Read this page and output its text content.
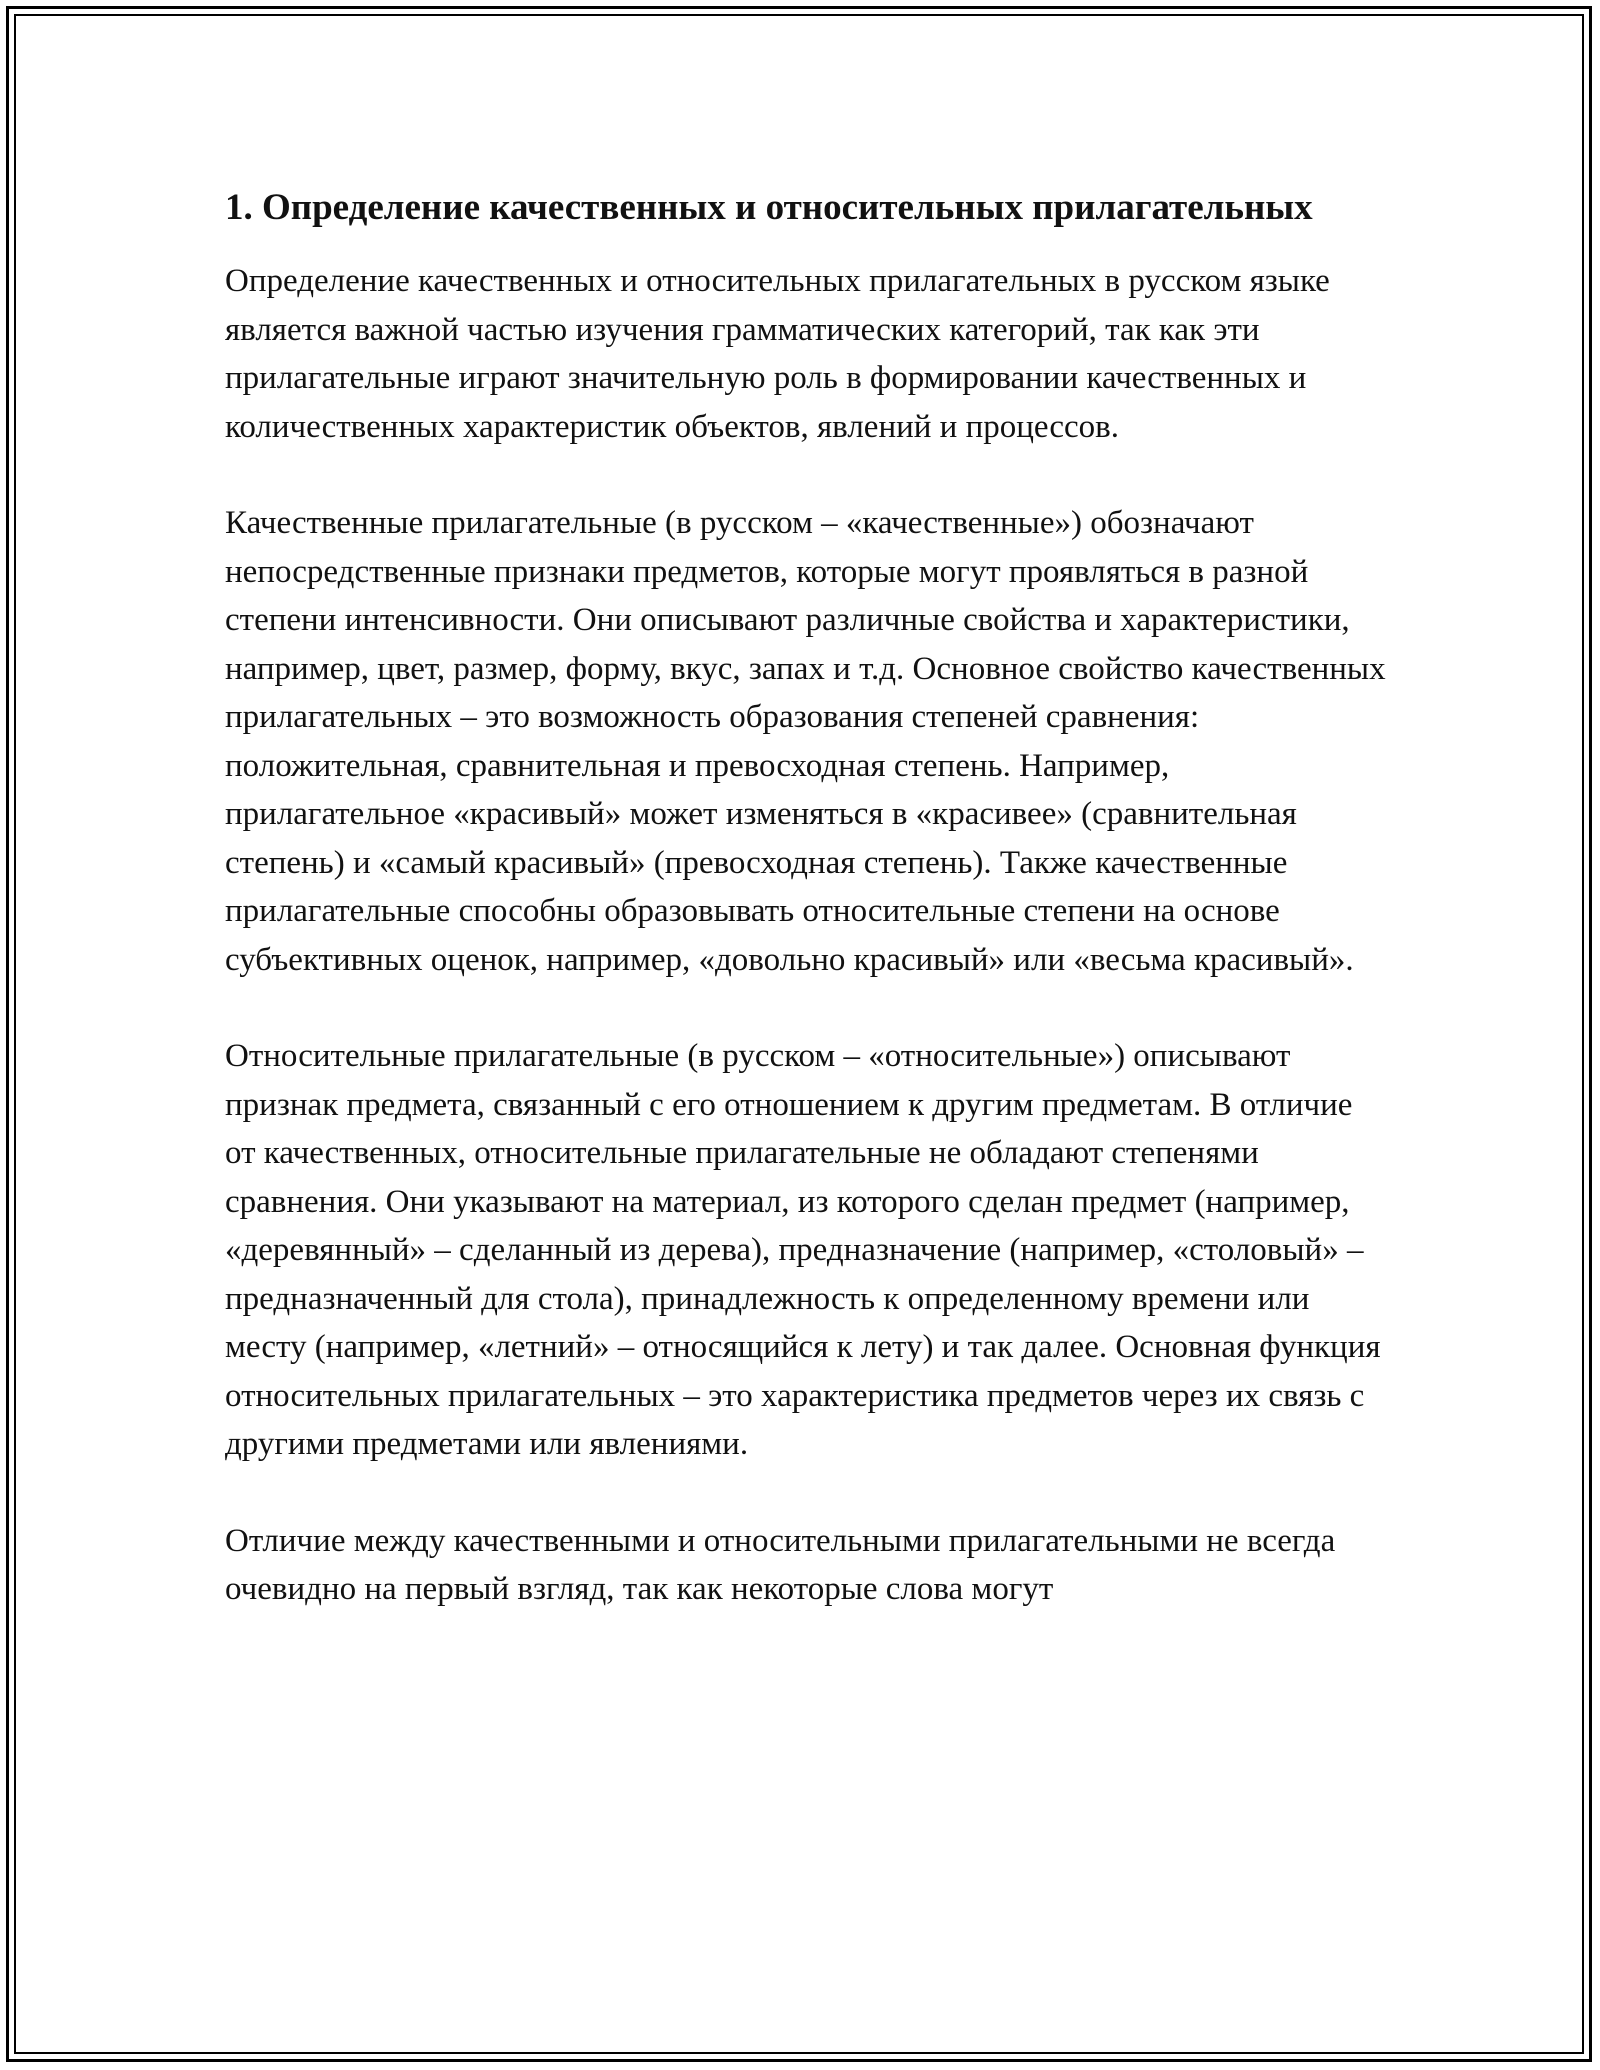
1. Определение качественных и относительных прилагательных

Определение качественных и относительных прилагательных в русском языке является важной частью изучения грамматических категорий, так как эти прилагательные играют значительную роль в формировании качественных и количественных характеристик объектов, явлений и процессов.

Качественные прилагательные (в русском – «качественные») обозначают непосредственные признаки предметов, которые могут проявляться в разной степени интенсивности. Они описывают различные свойства и характеристики, например, цвет, размер, форму, вкус, запах и т.д. Основное свойство качественных прилагательных – это возможность образования степеней сравнения: положительная, сравнительная и превосходная степень. Например, прилагательное «красивый» может изменяться в «красивее» (сравнительная степень) и «самый красивый» (превосходная степень). Также качественные прилагательные способны образовывать относительные степени на основе субъективных оценок, например, «довольно красивый» или «весьма красивый».

Относительные прилагательные (в русском – «относительные») описывают признак предмета, связанный с его отношением к другим предметам. В отличие от качественных, относительные прилагательные не обладают степенями сравнения. Они указывают на материал, из которого сделан предмет (например, «деревянный» – сделанный из дерева), предназначение (например, «столовый» – предназначенный для стола), принадлежность к определенному времени или месту (например, «летний» – относящийся к лету) и так далее. Основная функция относительных прилагательных – это характеристика предметов через их связь с другими предметами или явлениями.

Отличие между качественными и относительными прилагательными не всегда очевидно на первый взгляд, так как некоторые слова могут
